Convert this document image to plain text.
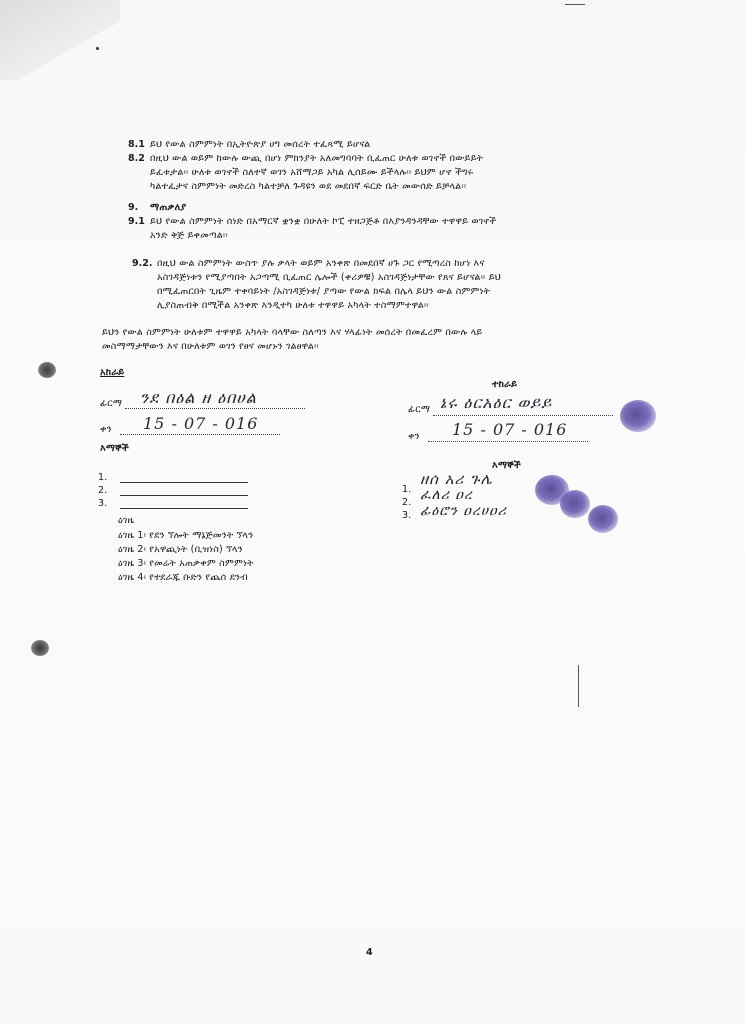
8.1 ይህ የውል ስምምነት በኢትዮጵያ ሀግ መሰረት ተፈጻሚ ይሆናል
8.2 በዚህ ውል ወይም ከውሉ ውጪ በሆነ ምክንያት አለመግባባት ቢፈጠር ሁለቱ ወገኖች በውይይት
ይፈቱታል፡፡ ሁለቱ ወገኖች ስለተኛ ወገን አሸማጋይ አካል ሊሰይሙ ይችላሉ፡፡ ይህም ሆኖ ችግሩ
ካልተፈታና ስምምነት መድረስ ካልተቻለ ጉዳዩን ወደ መደበኛ ፍርድ ቤት መውሰድ ይቻላል፡፡
9. ማጠቃለያ
9.1 ይህ የውል ስምምነት ሰነድ በአማርኛ ቋንቋ በሁለት ኮፒ ተዘጋጅቶ በእያንዳንዳቸው ተዋዋይ ወገኖች
አንድ ቅጅ ይቀመጣል፡፡
9.2. በዚህ ውል ስምምነት ውስጥ ያሉ ቃላት ወይም አንቀጽ በመደበኛ ሀጉ ጋር የሚጣረስ ከሆነ እና
አስገዳጅነቱን የሚያጣበት አጋጣሚ ቢፈጠር ሌሎች (ቀሪዎቹ) አስገዳጅነታቸው የጸና ይሆናል፡፡ ይህ
በሚፈጠርበት ጊዜም ተቀባይነት /አስገዳጅነቱ/ ያጣው የውል ክፍል በሌላ ይህን ውል ስምምነት
ሊያስጠብቅ በሚችል አንቀጽ እንዲተካ ሁለቱ ተዋዋይ አካላት ተስማምተዋል፡፡
ይህን የውል ስምምነት ሁለቱም ተዋዋይ አካላት ባላቸው ስለጣን እና ሃላፊነት መሰረት በመፈረም በውሉ ላይ
መስማማታቸውን እና በሁለቱም ወገን የፀና መሆኑን ገልፀዋል፡፡
አከራይ
ፊርማ ንደ በዕል ዘ ዕበሀል
ቀን 15 - 07 - 016
እማኞች
1.
2.
3.
ዕገዜ
ዕገዜ 1፡ የደን ኘሎት ማኔጅመንት ኘላን
ዕገዜ 2፡ የአዋጪነት (ቢዝነስ) ኘላን
ዕገዜ 3፡ የመሬት አጠቃቀም ስምምነት
ዕገዜ 4፡ የተደራጁ ቡድን የጨሰ ደንብ
ተከራይ
ፊርማ ኔሩ ዕርአዕር ወይይ
ቀን 15 - 07 - 016
እማኞች
1.
ዘሰ አሪ ጉሌ
2. ፈለሪ ዐረ
3. ፊዕሮን ዐረሀዐሪ
4
